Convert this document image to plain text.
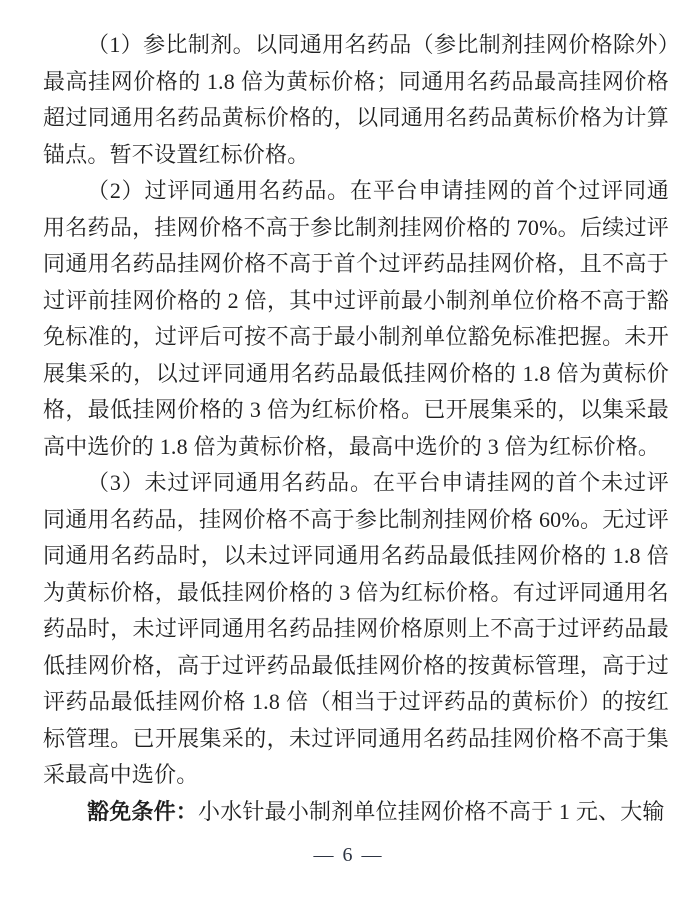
（1）参比制剂。以同通用名药品（参比制剂挂网价格除外）最高挂网价格的 1.8 倍为黄标价格；同通用名药品最高挂网价格超过同通用名药品黄标价格的，以同通用名药品黄标价格为计算锚点。暂不设置红标价格。

（2）过评同通用名药品。在平台申请挂网的首个过评同通用名药品，挂网价格不高于参比制剂挂网价格的 70%。后续过评同通用名药品挂网价格不高于首个过评药品挂网价格，且不高于过评前挂网价格的 2 倍，其中过评前最小制剂单位价格不高于豁免标准的，过评后可按不高于最小制剂单位豁免标准把握。未开展集采的，以过评同通用名药品最低挂网价格的 1.8 倍为黄标价格，最低挂网价格的 3 倍为红标价格。已开展集采的，以集采最高中选价的 1.8 倍为黄标价格，最高中选价的 3 倍为红标价格。

（3）未过评同通用名药品。在平台申请挂网的首个未过评同通用名药品，挂网价格不高于参比制剂挂网价格 60%。无过评同通用名药品时，以未过评同通用名药品最低挂网价格的 1.8 倍为黄标价格，最低挂网价格的 3 倍为红标价格。有过评同通用名药品时，未过评同通用名药品挂网价格原则上不高于过评药品最低挂网价格，高于过评药品最低挂网价格的按黄标管理，高于过评药品最低挂网价格 1.8 倍（相当于过评药品的黄标价）的按红标管理。已开展集采的，未过评同通用名药品挂网价格不高于集采最高中选价。

豁免条件：小水针最小制剂单位挂网价格不高于 1 元、大输

— 6 —
